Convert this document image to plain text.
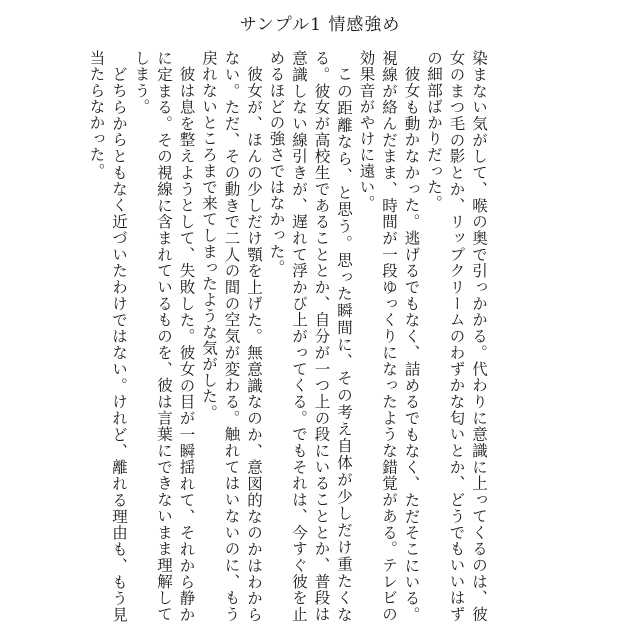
サンプル1 情感強め

染まない気がして、喉の奥で引っかかる。代わりに意識に上ってくるのは、彼女のまつ毛の影とか、リップクリームのわずかな匂いとか、どうでもいいはずの細部ばかりだった。

彼女も動かなかった。逃げるでもなく、詰めるでもなく、ただそこにいる。視線が絡んだまま、時間が一段ゆっくりになったような錯覚がある。テレビの効果音がやけに遠い。

この距離なら、と思う。思った瞬間に、その考え自体が少しだけ重たくなる。彼女が高校生であることとか、自分が一つ上の段にいることとか、普段は意識しない線引きが、遅れて浮かび上がってくる。でもそれは、今すぐ彼を止めるほどの強さではなかった。

彼女が、ほんの少しだけ顎を上げた。無意識なのか、意図的なのかはわからない。ただ、その動きで二人の間の空気が変わる。触れてはいないのに、もう戻れないところまで来てしまったような気がした。

彼は息を整えようとして、失敗した。彼女の目が一瞬揺れて、それから静かに定まる。その視線に含まれているものを、彼は言葉にできないまま理解してしまう。

どちらからともなく近づいたわけではない。けれど、離れる理由も、もう見当たらなかった。
